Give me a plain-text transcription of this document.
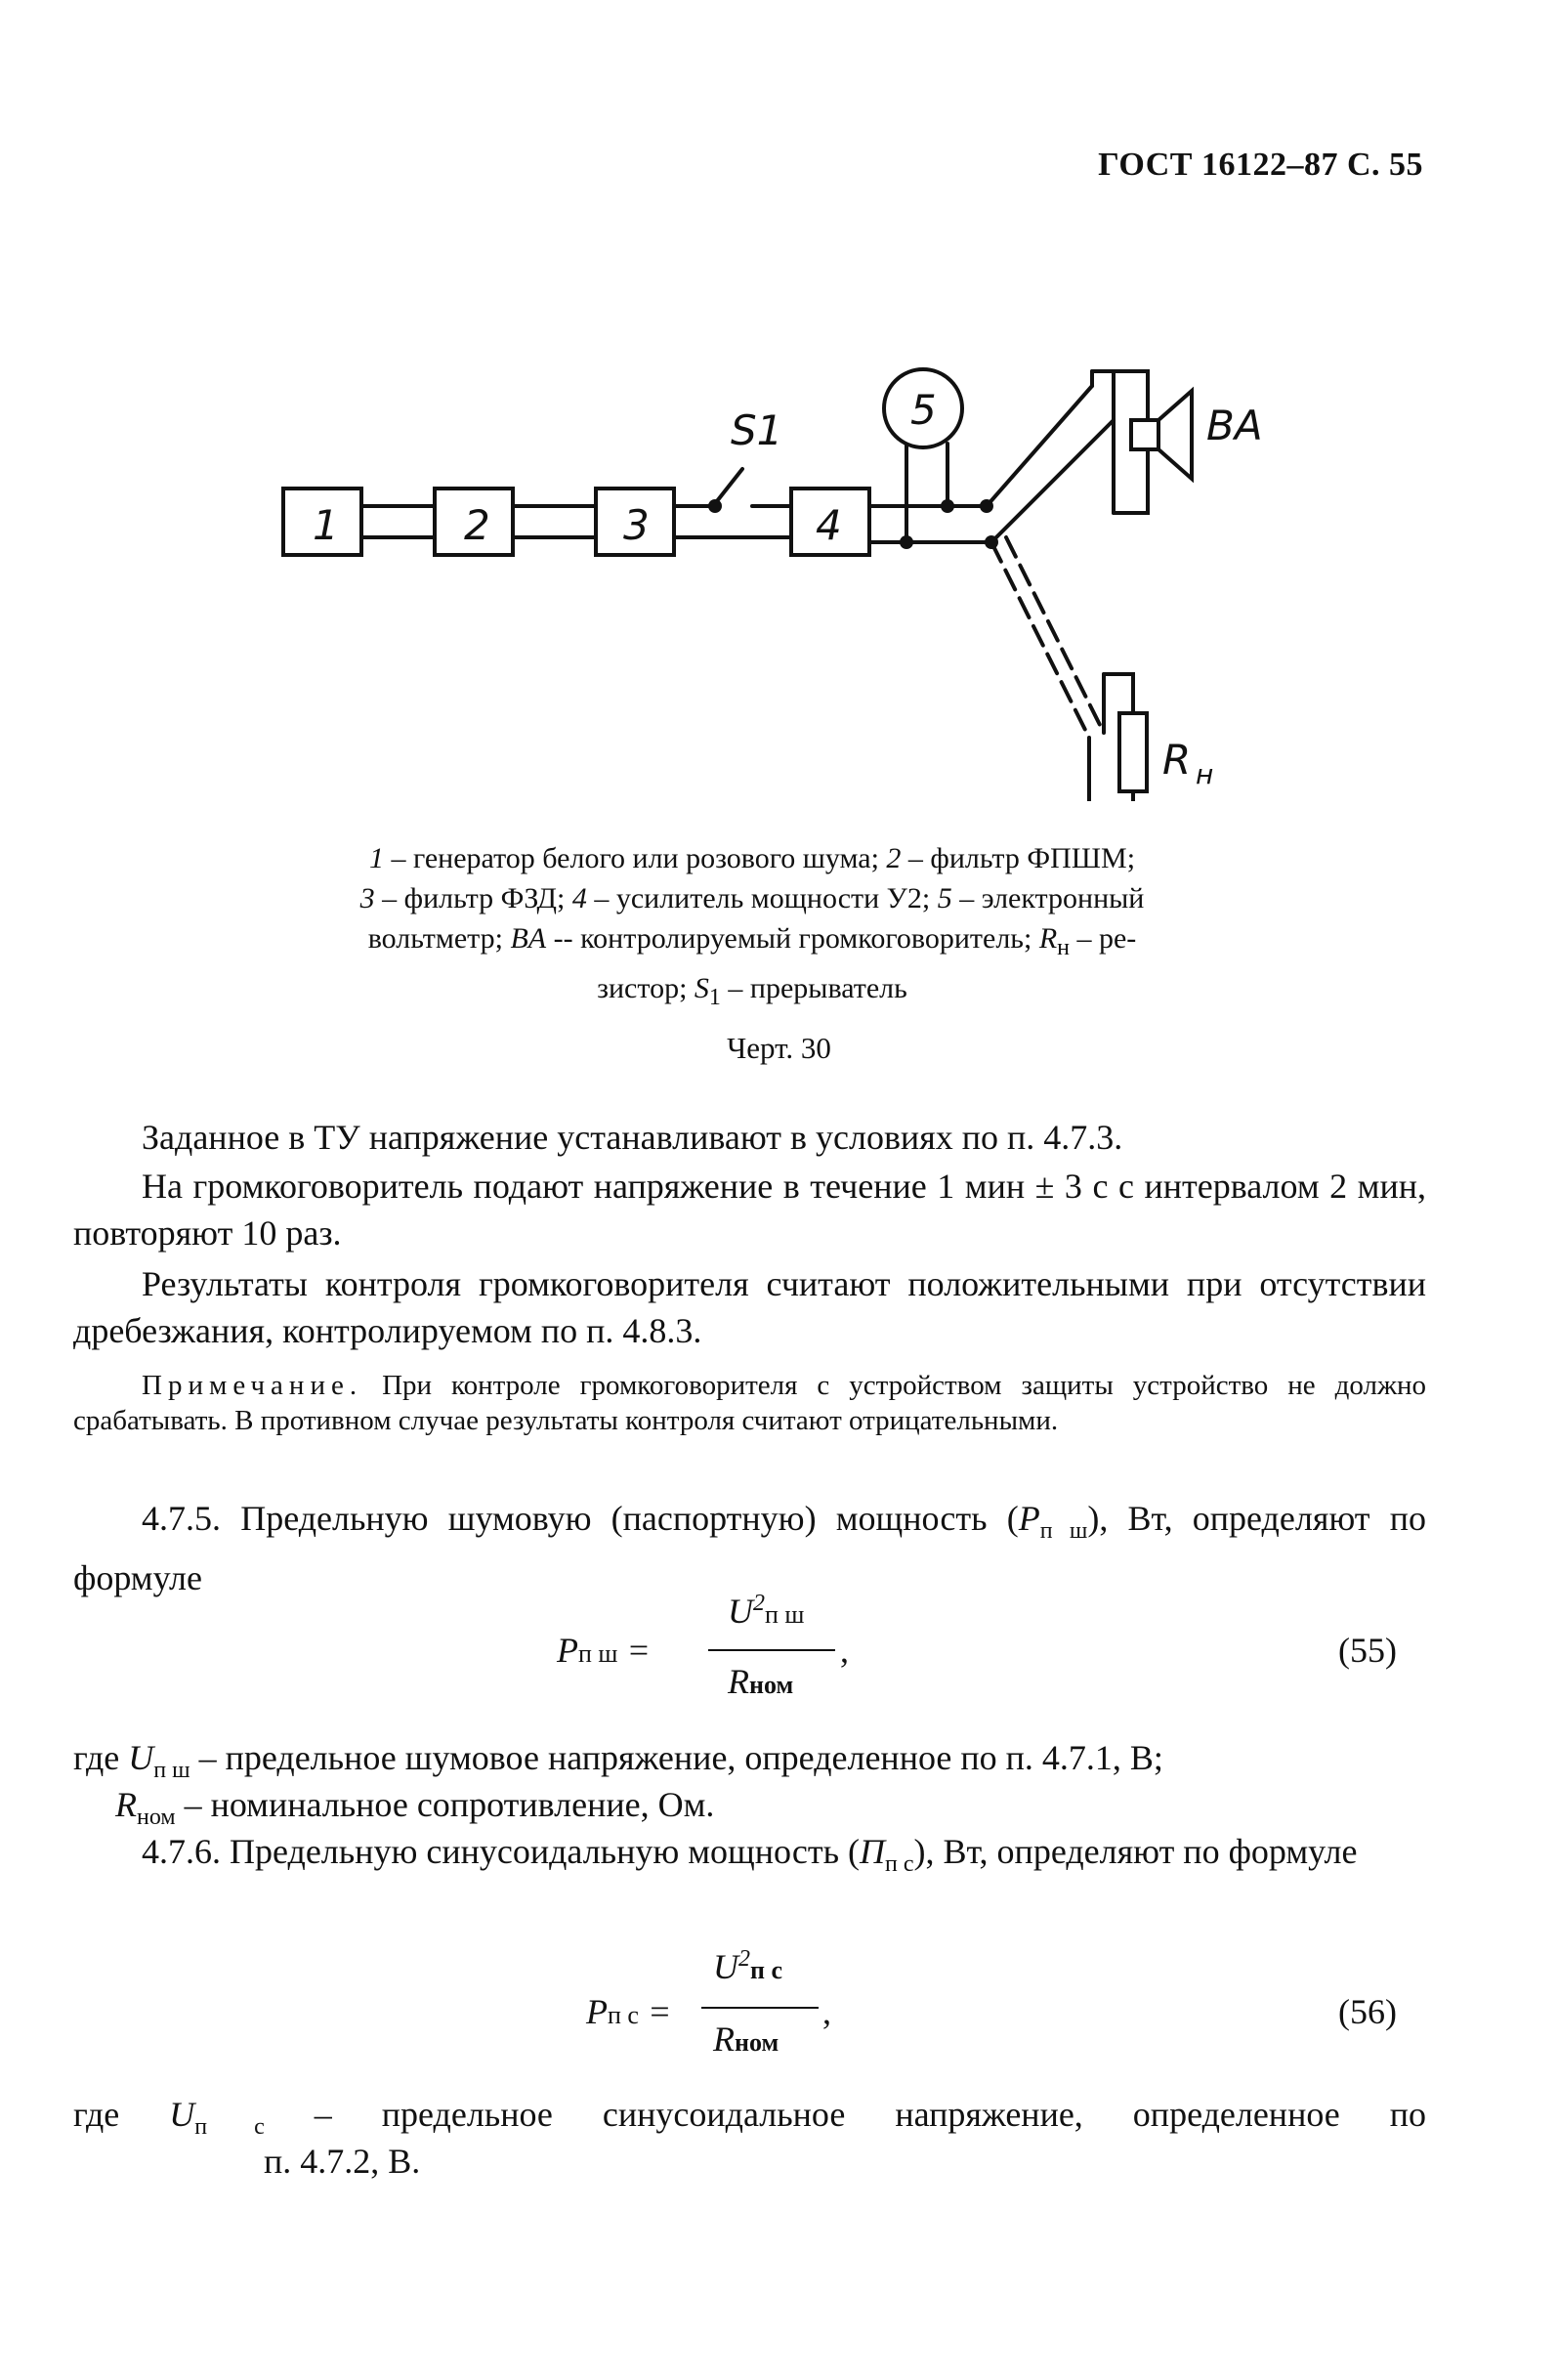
ГОСТ 16122–87 С. 55
1	2	3	4
5
S1	BA
R н
1 – генератор белого или розового шума; 2 – фильтр ФПШМ;
3 – фильтр ФЗД; 4 – усилитель мощности У2; 5 – электронный
вольтметр; BA -- контролируемый громкоговоритель; $R_н - ре-$
зистор; $S_1$ – прерыватель
Черт. 30
Заданное в ТУ напряжение устанавливают в условиях по п. 4.7.3.
На громкоговоритель подают напряжение в течение 1 мин ± 3 с с интервалом 2 мин, повторяют 10 раз.
Результаты контроля громкоговорителя считают положительными при отсутствии дребезжания, контролируемом по п. 4.8.3.
Примечание. При контроле громкоговорителя с устройством защиты устройство не должно срабатывать. В противном случае результаты контроля считают отрицательными.
4.7.5. Предельную шумовую (паспортную) мощность $(P_{п ш})$, Вт, определяют по формуле
Pп ш =
$U^2п$ ш
Rном
,	(55)
где $U_{п ш}$ – предельное шумовое напряжение, определенное по п. 4.7.1, В;
$R_{ном}$ – номинальное сопротивление, Ом.
4.7.6. Предельную синусоидальную мощность $(П_{п с})$, Вт, определяют по формуле
Pп с =
$U^2п$ с
Rном
,	(56)
где $U_{п с}$ – предельное синусоидальное напряжение, определенное по
п. 4.7.2, В.
